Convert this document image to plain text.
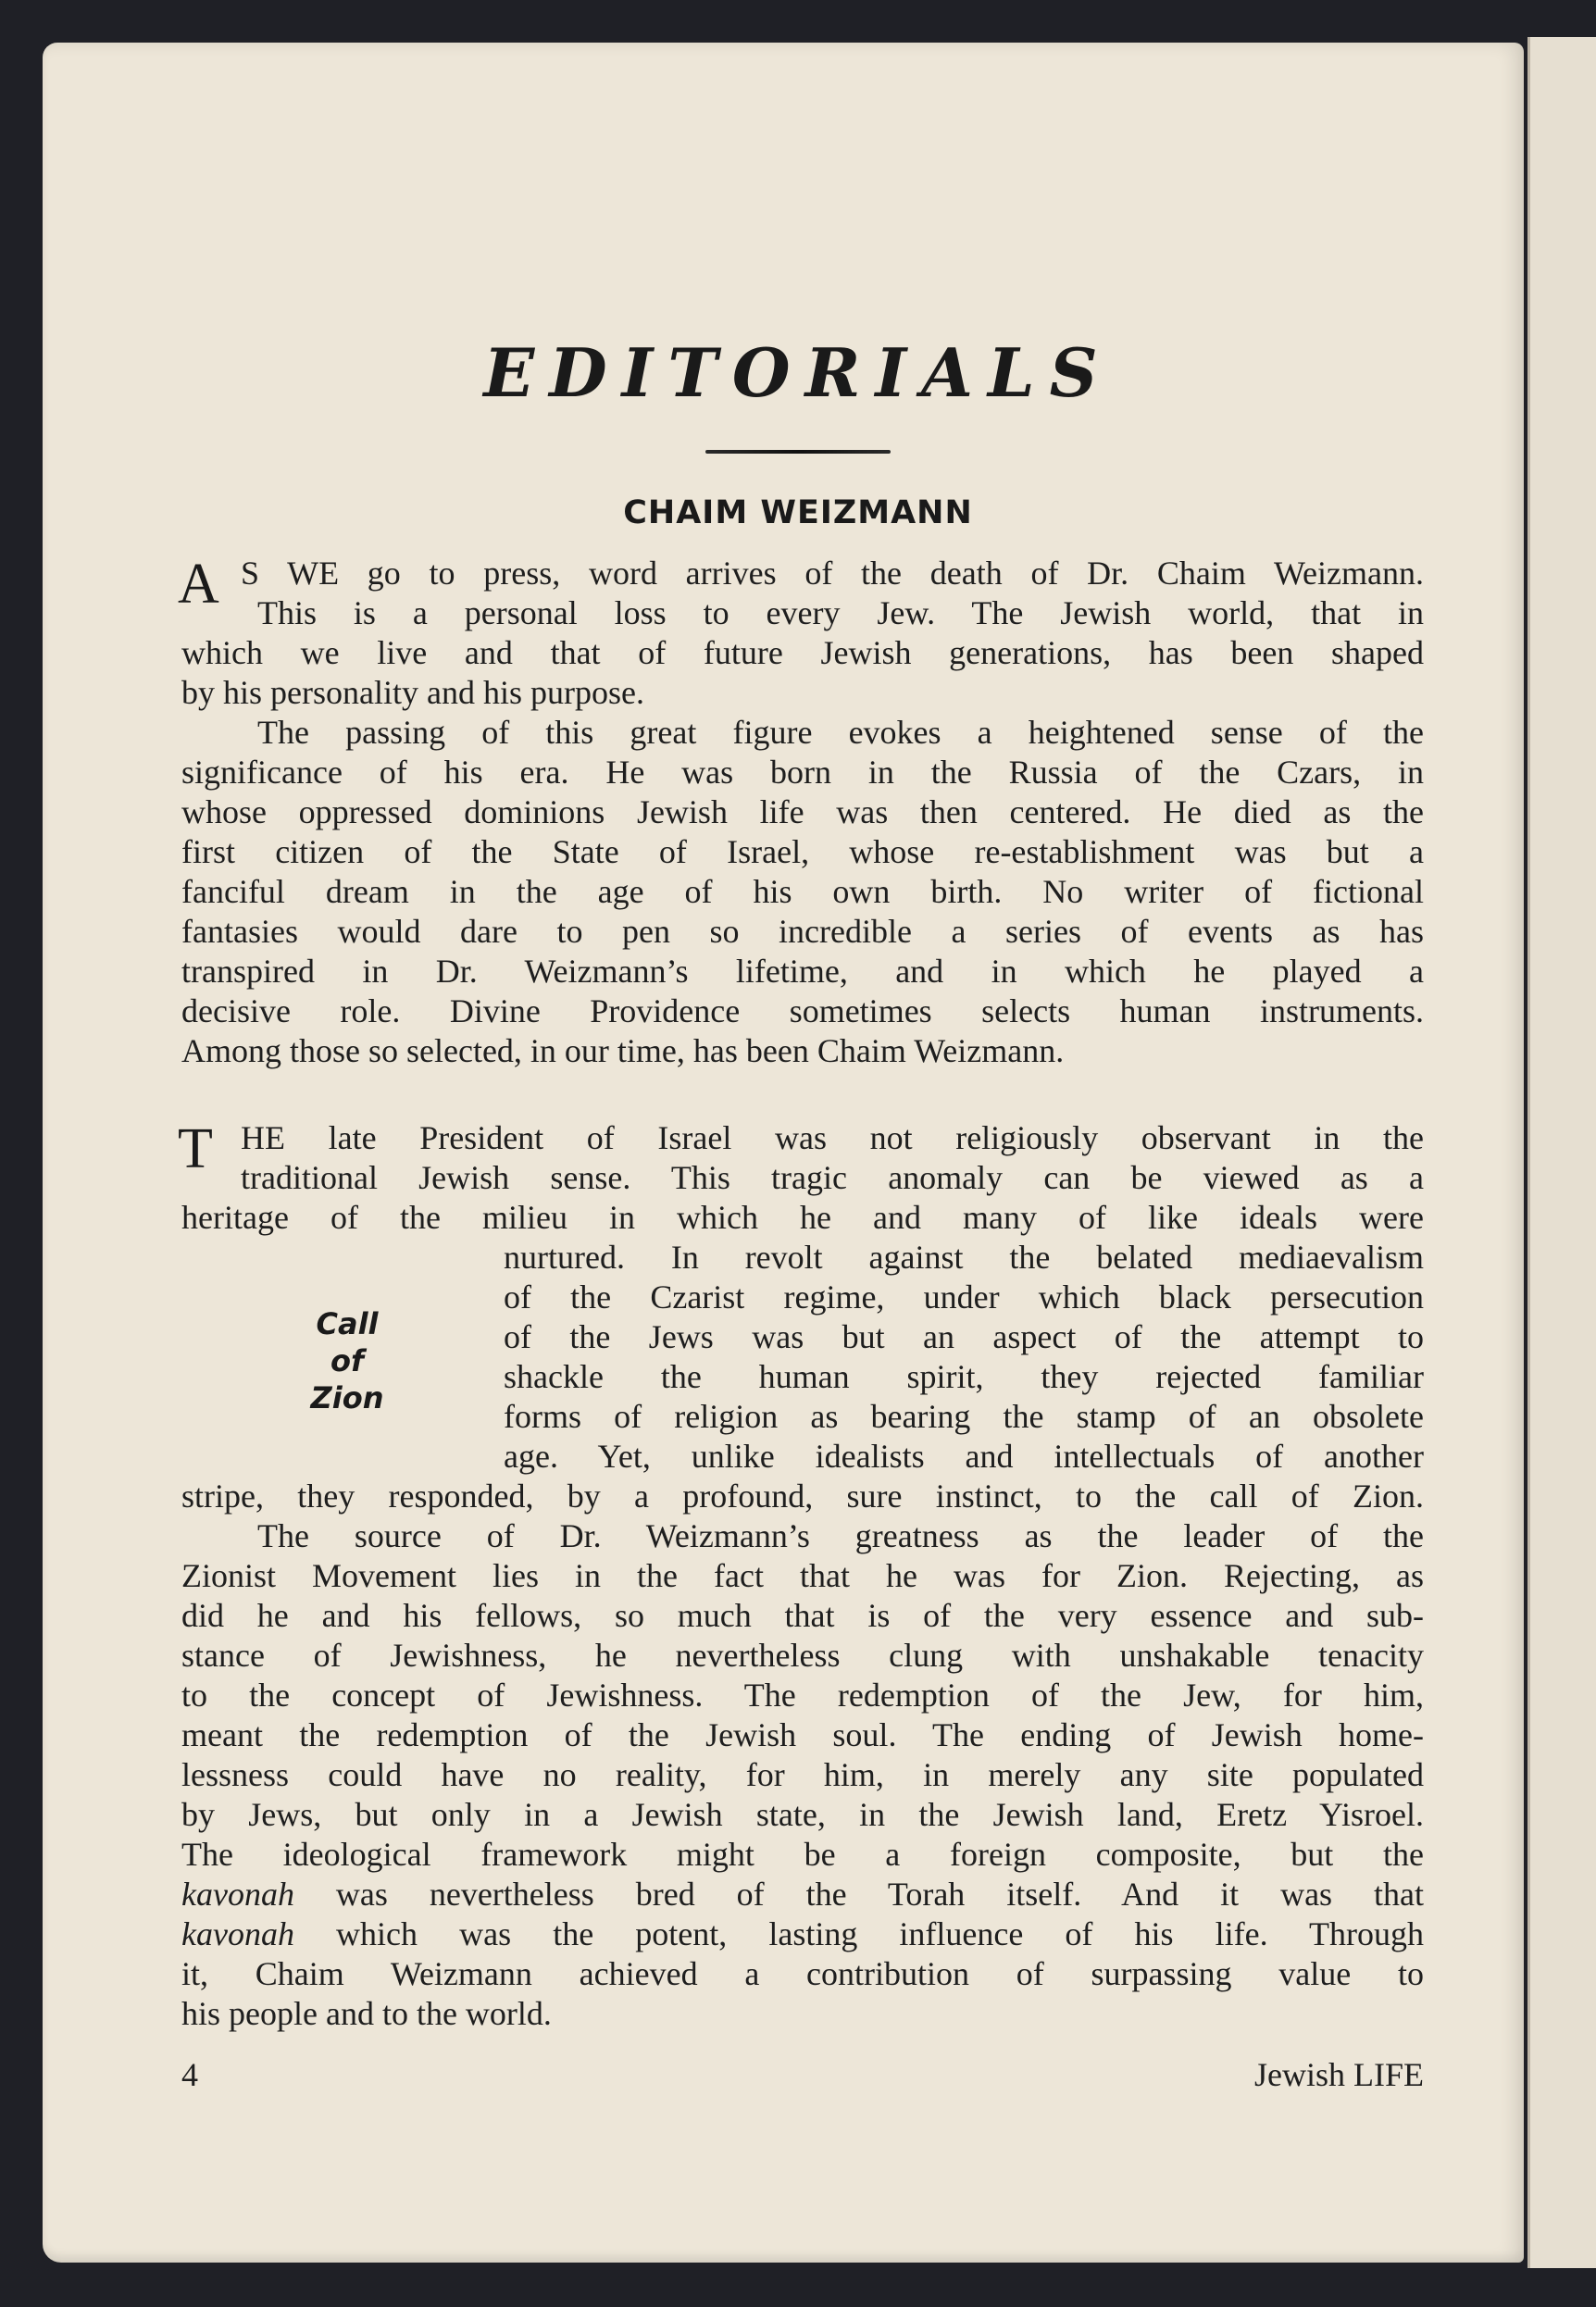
EDITORIALS
CHAIM WEIZMANN
A S WE go to press, word arrives of the death of Dr. Chaim Weizmann.
This is a personal loss to every Jew. The Jewish world, that in
which we live and that of future Jewish generations, has been shaped
by his personality and his purpose.
The passing of this great figure evokes a heightened sense of the
significance of his era. He was born in the Russia of the Czars, in
whose oppressed dominions Jewish life was then centered. He died as the
first citizen of the State of Israel, whose re-establishment was but a
fanciful dream in the age of his own birth. No writer of fictional
fantasies would dare to pen so incredible a series of events as has
transpired in Dr. Weizmann’s lifetime, and in which he played a
decisive role. Divine Providence sometimes selects human instruments.
Among those so selected, in our time, has been Chaim Weizmann.
T HE late President of Israel was not religiously observant in the
traditional Jewish sense. This tragic anomaly can be viewed as a
heritage of the milieu in which he and many of like ideals were
nurtured. In revolt against the belated mediaevalism
of the Czarist regime, under which black persecution
of the Jews was but an aspect of the attempt to
shackle the human spirit, they rejected familiar
forms of religion as bearing the stamp of an obsolete
age. Yet, unlike idealists and intellectuals of another
stripe, they responded, by a profound, sure instinct, to the call of Zion.
Call
of
Zion
The source of Dr. Weizmann’s greatness as the leader of the
Zionist Movement lies in the fact that he was for Zion. Rejecting, as
did he and his fellows, so much that is of the very essence and sub-
stance of Jewishness, he nevertheless clung with unshakable tenacity
to the concept of Jewishness. The redemption of the Jew, for him,
meant the redemption of the Jewish soul. The ending of Jewish home-
lessness could have no reality, for him, in merely any site populated
by Jews, but only in a Jewish state, in the Jewish land, Eretz Yisroel.
The ideological framework might be a foreign composite, but the
kavonah was nevertheless bred of the Torah itself. And it was that
kavonah which was the potent, lasting influence of his life. Through
it, Chaim Weizmann achieved a contribution of surpassing value to
his people and to the world.
4	Jewish LIFE
